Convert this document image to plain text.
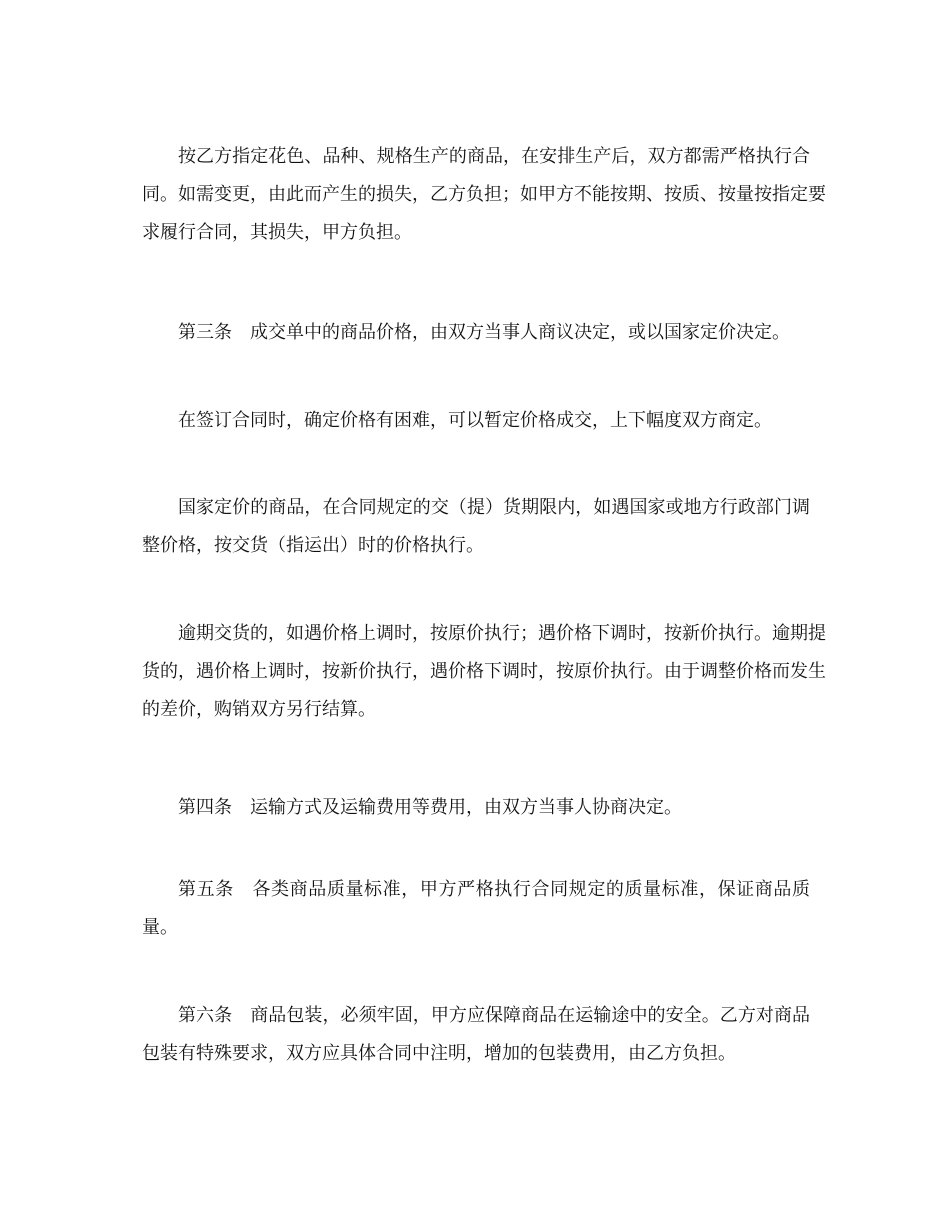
按乙方指定花色、品种、规格生产的商品，在安排生产后，双方都需严格执行合
同。如需变更，由此而产生的损失，乙方负担；如甲方不能按期、按质、按量按指定要
求履行合同，其损失，甲方负担。
第三条　成交单中的商品价格，由双方当事人商议决定，或以国家定价决定。
在签订合同时，确定价格有困难，可以暂定价格成交，上下幅度双方商定。
国家定价的商品，在合同规定的交（提）货期限内，如遇国家或地方行政部门调
整价格，按交货（指运出）时的价格执行。
逾期交货的，如遇价格上调时，按原价执行；遇价格下调时，按新价执行。逾期提
货的，遇价格上调时，按新价执行，遇价格下调时，按原价执行。由于调整价格而发生
的差价，购销双方另行结算。
第四条　运输方式及运输费用等费用，由双方当事人协商决定。
第五条　各类商品质量标准，甲方严格执行合同规定的质量标准，保证商品质
量。
第六条　商品包装，必须牢固，甲方应保障商品在运输途中的安全。乙方对商品
包装有特殊要求，双方应具体合同中注明，增加的包装费用，由乙方负担。
